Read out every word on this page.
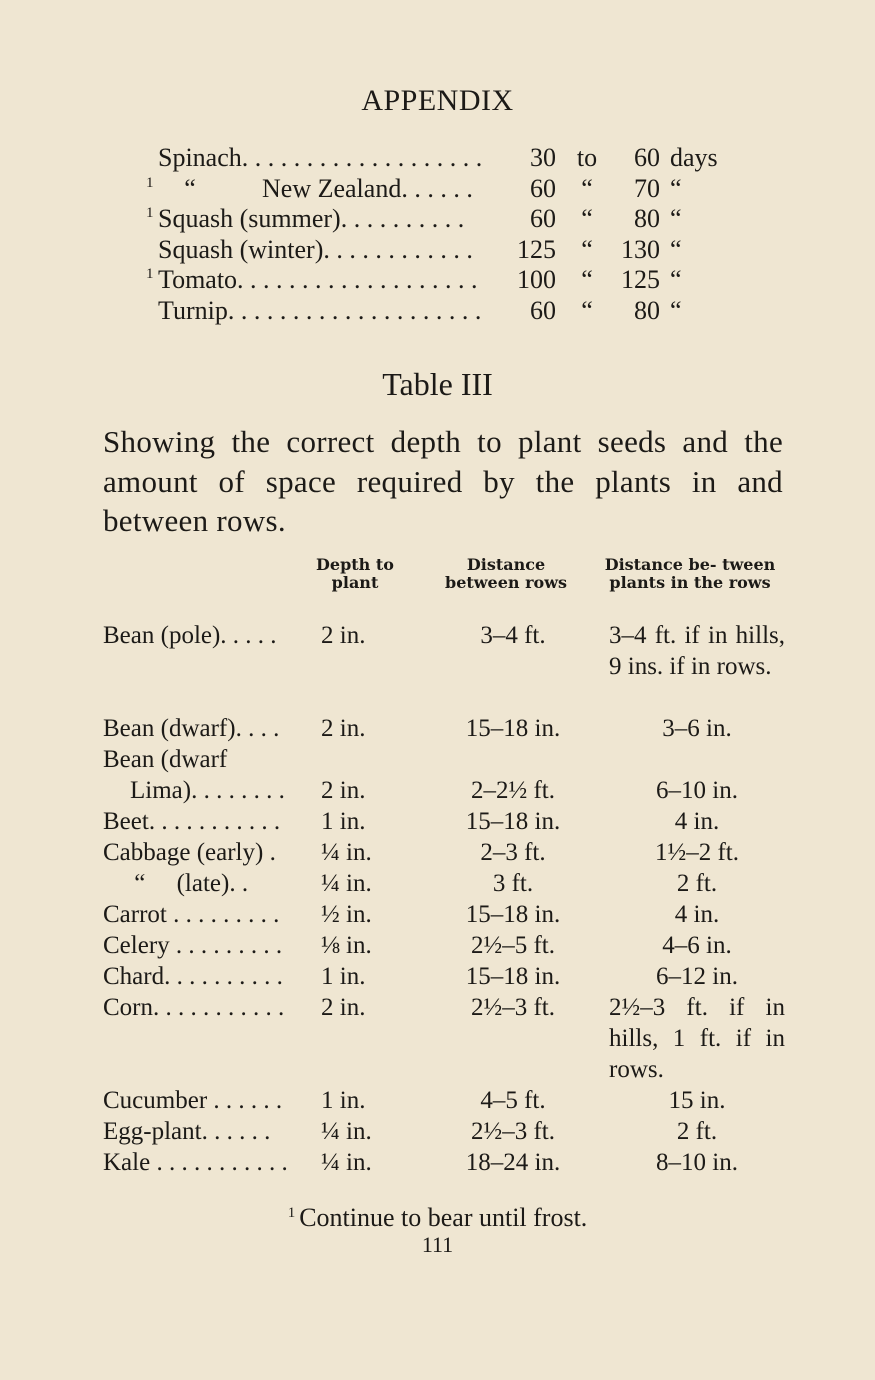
APPENDIX
Spinach. . . . . . . . . . . . . . . . . . .	30 to	60 days
1	“	New Zealand. . . . . .	60 “	70 “
1 Squash (summer). . . . . . . . . .	60 “	80 “
Squash (winter). . . . . . . . . . . .	125 “	130 “
1 Tomato. . . . . . . . . . . . . . . . . . .	100 “	125 “
Turnip. . . . . . . . . . . . . . . . . . . .	60 “	80 “
Table III
Showing the correct depth to plant seeds and the amount of space required by the plants in and between rows.
Depth to plant
Distance between rows
Distance be- tween plants in the rows
Bean (pole). . . . . 2 in.	3–4 ft.	3–4 ft. if in hills, 9 ins. if in rows.
Bean (dwarf). . . . 2 in.	15–18 in.	3–6 in.
Bean (dwarf
Lima). . . . . . . . 2 in.	2–2½ ft.	6–10 in.
Beet. . . . . . . . . . . 1 in.	15–18 in.	4 in.
Cabbage (early) . ¼ in.	2–3 ft.	1½–2 ft.
“     (late). .	¼ in.	3 ft.	2 ft.
Carrot . . . . . . . . . ½ in.	15–18 in.	4 in.
Celery . . . . . . . . . ⅛ in.	2½–5 ft.	4–6 in.
Chard. . . . . . . . . . 1 in.	15–18 in.	6–12 in.
Corn. . . . . . . . . . . 2 in.	2½–3 ft.	2½–3 ft. if in hills, 1 ft. if in rows.
Cucumber . . . . . . 1 in.	4–5 ft.	15 in.
Egg-plant. . . . . . ¼ in.	2½–3 ft.	2 ft.
Kale . . . . . . . . . . . ¼ in.	18–24 in.	8–10 in.
$^1$ Continue to bear until frost.
111
